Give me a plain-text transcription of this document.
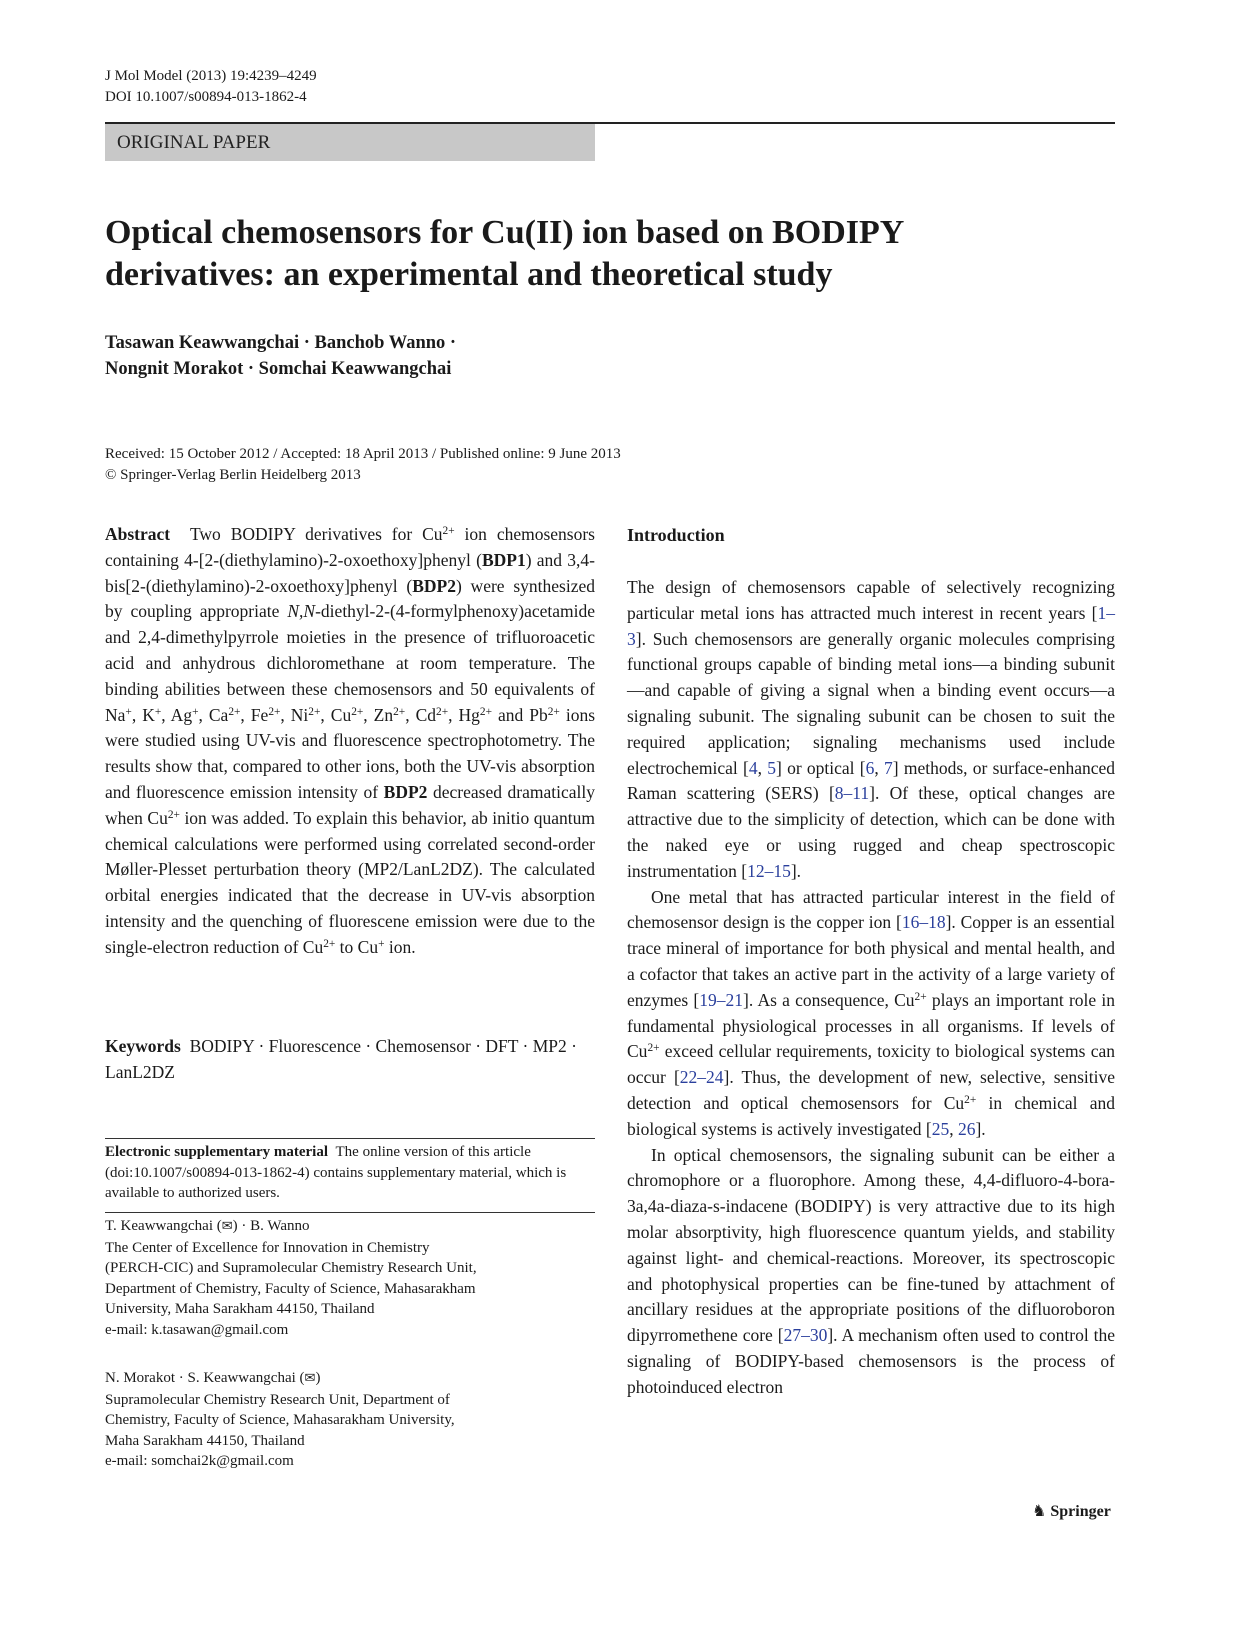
J Mol Model (2013) 19:4239–4249
DOI 10.1007/s00894-013-1862-4
ORIGINAL PAPER
Optical chemosensors for Cu(II) ion based on BODIPY
derivatives: an experimental and theoretical study
Tasawan Keawwangchai · Banchob Wanno ·
Nongnit Morakot · Somchai Keawwangchai
Received: 15 October 2012 / Accepted: 18 April 2013 / Published online: 9 June 2013
© Springer-Verlag Berlin Heidelberg 2013

Abstract Two BODIPY derivatives for $Cu^{2+}$ ion chemosensors containing 4-[2-(diethylamino)-2-oxoethoxy]phenyl (BDP1) and 3,4-bis[2-(diethylamino)-2-oxoethoxy]phenyl (BDP2) were synthesized by coupling appropriate N,N-diethyl-2-(4-formylphenoxy)acetamide and 2,4-dimethylpyrrole moieties in the presence of trifluoroacetic acid and anhydrous dichloromethane at room temperature. The binding abilities between these chemosensors and 50 equivalents of Na+, K+, Ag+, $Ca^{2+}$, $Fe^{2+}$, $Ni^{2+}$, $Cu^{2+}$, $Zn^{2+}$, $Cd^{2+}$, $Hg^{2+}$ and $Pb^{2+}$ ions were studied using UV-vis and fluorescence spectrophotometry. The results show that, compared to other ions, both the UV-vis absorption and fluorescence emission intensity of BDP2 decreased dramatically when $Cu^{2+}$ ion was added. To explain this behavior, ab initio quantum chemical calculations were performed using correlated second-order Møller-Plesset perturbation theory (MP2/LanL2DZ). The calculated orbital energies indicated that the decrease in UV-vis absorption intensity and the quenching of fluorescene emission were due to the single-electron reduction of $Cu^{2+}$ to Cu+ ion.

Keywords BODIPY · Fluorescence · Chemosensor · DFT · MP2 · LanL2DZ

Electronic supplementary material The online version of this article (doi:10.1007/s00894-013-1862-4) contains supplementary material, which is available to authorized users.
T. Keawwangchai (✉) · B. Wanno
The Center of Excellence for Innovation in Chemistry
(PERCH-CIC) and Supramolecular Chemistry Research Unit,
Department of Chemistry, Faculty of Science, Mahasarakham
University, Maha Sarakham 44150, Thailand
e-mail: k.tasawan@gmail.com
N. Morakot · S. Keawwangchai (✉)
Supramolecular Chemistry Research Unit, Department of
Chemistry, Faculty of Science, Mahasarakham University,
Maha Sarakham 44150, Thailand
e-mail: somchai2k@gmail.com
Introduction

The design of chemosensors capable of selectively recognizing particular metal ions has attracted much interest in recent years [1–3]. Such chemosensors are generally organic molecules comprising functional groups capable of binding metal ions—a binding subunit—and capable of giving a signal when a binding event occurs—a signaling subunit. The signaling subunit can be chosen to suit the required application; signaling mechanisms used include electrochemical [4, 5] or optical [6, 7] methods, or surface-enhanced Raman scattering (SERS) [8–11]. Of these, optical changes are attractive due to the simplicity of detection, which can be done with the naked eye or using rugged and cheap spectroscopic instrumentation [12–15].

One metal that has attracted particular interest in the field of chemosensor design is the copper ion [16–18]. Copper is an essential trace mineral of importance for both physical and mental health, and a cofactor that takes an active part in the activity of a large variety of enzymes [19–21]. As a consequence, $Cu^{2+}$ plays an important role in fundamental physiological processes in all organisms. If levels of $Cu^{2+}$ exceed cellular requirements, toxicity to biological systems can occur [22–24]. Thus, the development of new, selective, sensitive detection and optical chemosensors for $Cu^{2+}$ in chemical and biological systems is actively investigated [25, 26].

In optical chemosensors, the signaling subunit can be either a chromophore or a fluorophore. Among these, 4,4-difluoro-4-bora-3a,4a-diaza-s-indacene (BODIPY) is very attractive due to its high molar absorptivity, high fluorescence quantum yields, and stability against light- and chemical-reactions. Moreover, its spectroscopic and photophysical properties can be fine-tuned by attachment of ancillary residues at the appropriate positions of the difluoroboron dipyrromethene core [27–30]. A mechanism often used to control the signaling of BODIPY-based chemosensors is the process of photoinduced electron

♞ Springer
